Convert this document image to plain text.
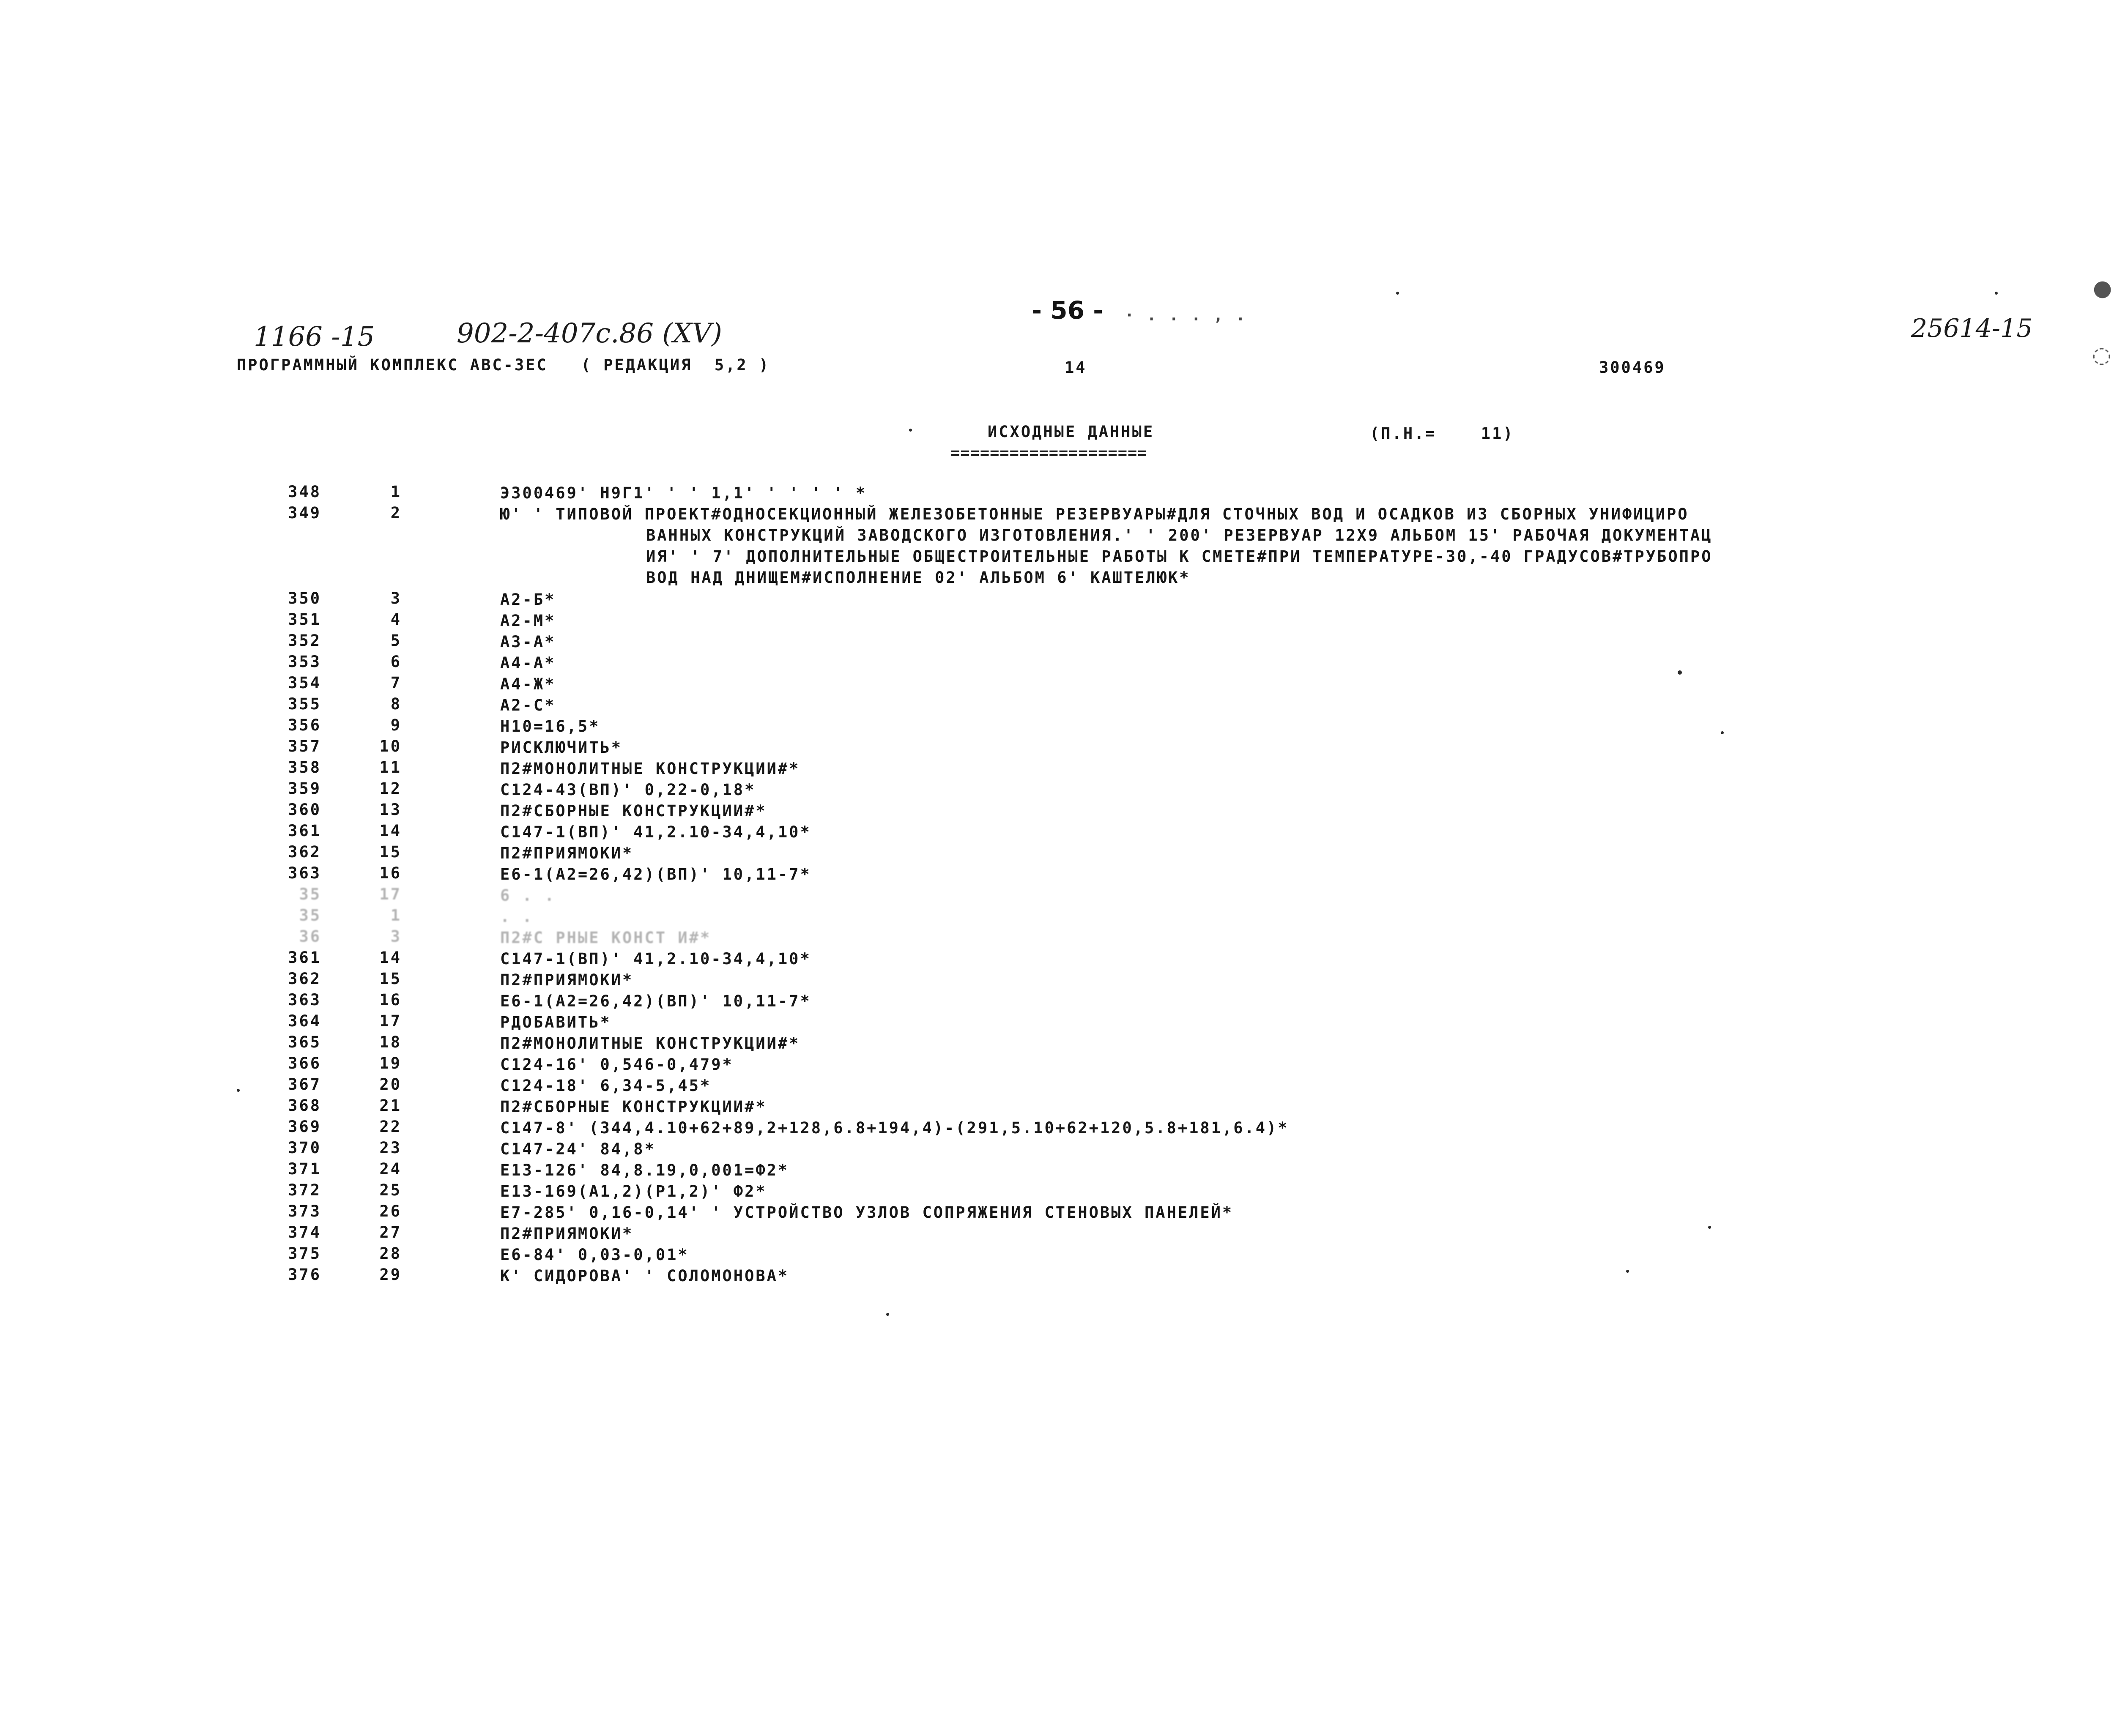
- 56 - · . . . , .
1166 -15	902-2-407с.86 (XV)	25614-15
ПРОГРАММНЫЙ КОМПЛЕКС АВС-3ЕС   ( РЕДАКЦИЯ  5,2 )	14	300469
ИСХОДНЫЕ ДАННЫЕ
====================
(П.Н.=    11)
348	1	Э300469' Н9Г1' ' ' 1,1' ' ' ' ' *
349	2	Ю' ' ТИПОВОЙ ПРОЕКТ#ОДНОСЕКЦИОННЫЙ ЖЕЛЕЗОБЕТОННЫЕ РЕЗЕРВУАРЫ#ДЛЯ СТОЧНЫХ ВОД И ОСАДКОВ ИЗ СБОРНЫХ УНИФИЦИРО
ВАННЫХ КОНСТРУКЦИЙ ЗАВОДСКОГО ИЗГОТОВЛЕНИЯ.' ' 200' РЕЗЕРВУАР 12Х9 АЛЬБОМ 15' РАБОЧАЯ ДОКУМЕНТАЦ
ИЯ' ' 7' ДОПОЛНИТЕЛЬНЫЕ ОБЩЕСТРОИТЕЛЬНЫЕ РАБОТЫ К СМЕТЕ#ПРИ ТЕМПЕРАТУРЕ-30,-40 ГРАДУСОВ#ТРУБОПРО
ВОД НАД ДНИЩЕМ#ИСПОЛНЕНИЕ 02' АЛЬБОМ 6' КАШТЕЛЮК*
350	3	А2-Б*
351	4	А2-М*
352	5	А3-А*
353	6	А4-А*
354	7	А4-Ж*
355	8	А2-С*
356	9	Н10=16,5*
357	10	РИСКЛЮЧИТЬ*
358	11	П2#МОНОЛИТНЫЕ КОНСТРУКЦИИ#*
359	12	С124-43(ВП)' 0,22-0,18*
360	13	П2#СБОРНЫЕ КОНСТРУКЦИИ#*
361	14	С147-1(ВП)' 41,2.10-34,4,10*
362	15	П2#ПРИЯМОКИ*
363	16	Е6-1(А2=26,42)(ВП)' 10,11-7*
35	17	6 . .
35	1	. .
36	3	П2#С РНЫЕ КОНСТ И#*
361	14	С147-1(ВП)' 41,2.10-34,4,10*
362	15	П2#ПРИЯМОКИ*
363	16	Е6-1(А2=26,42)(ВП)' 10,11-7*
364	17	РДОБАВИТЬ*
365	18	П2#МОНОЛИТНЫЕ КОНСТРУКЦИИ#*
366	19	С124-16' 0,546-0,479*
367	20	С124-18' 6,34-5,45*
368	21	П2#СБОРНЫЕ КОНСТРУКЦИИ#*
369	22	С147-8' (344,4.10+62+89,2+128,6.8+194,4)-(291,5.10+62+120,5.8+181,6.4)*
370	23	С147-24' 84,8*
371	24	Е13-126' 84,8.19,0,001=Ф2*
372	25	Е13-169(А1,2)(Р1,2)' Ф2*
373	26	Е7-285' 0,16-0,14' ' УСТРОЙСТВО УЗЛОВ СОПРЯЖЕНИЯ СТЕНОВЫХ ПАНЕЛЕЙ*
374	27	П2#ПРИЯМОКИ*
375	28	Е6-84' 0,03-0,01*
376	29	К' СИДОРОВА' ' СОЛОМОНОВА*
●
◌
